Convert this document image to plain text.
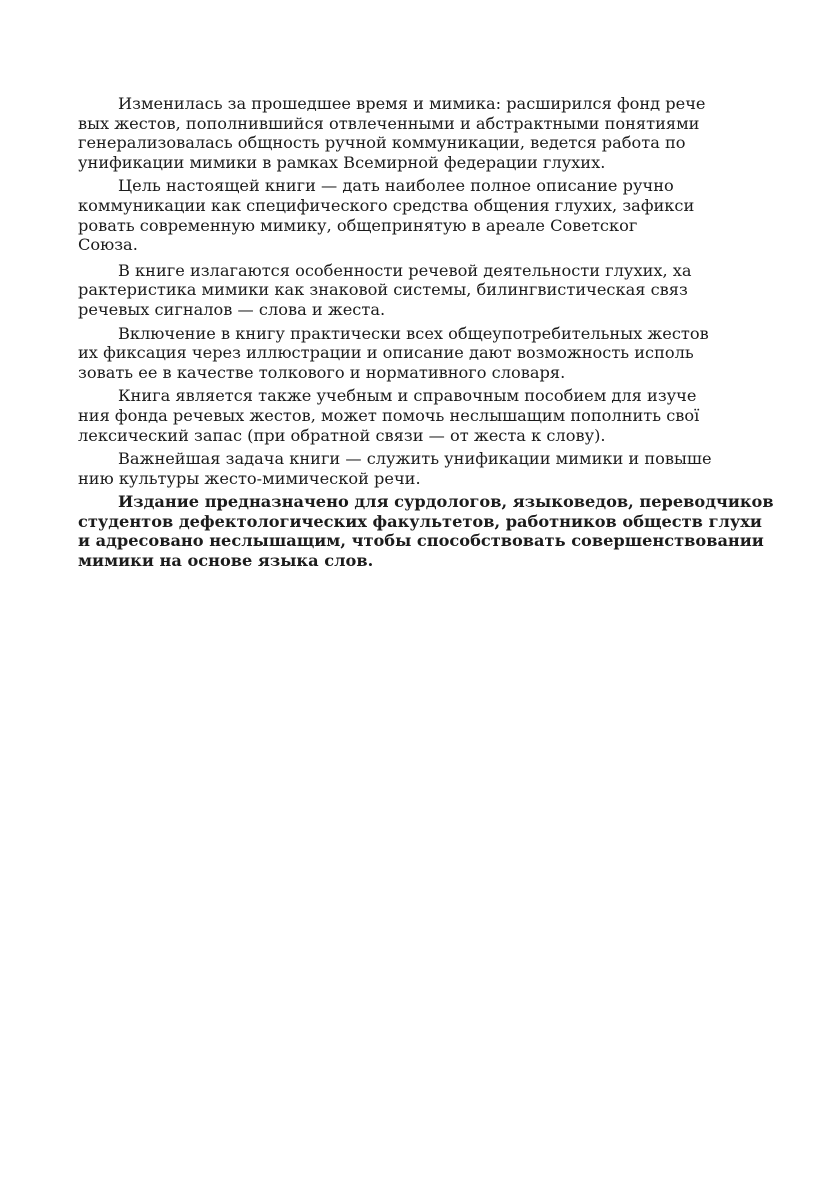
Изменилась за прошедшее время и мимика: расширился фонд рече
вых жестов, пополнившийся отвлеченными и абстрактными понятиями
генерализовалась общность ручной коммуникации, ведется работа по
унификации мимики в рамках Всемирной федерации глухих.
Цель настоящей книги — дать наиболее полное описание ручно
коммуникации как специфического средства общения глухих, зафикси
ровать современную мимику, общепринятую в ареале Советског
Союза.
В книге излагаются особенности речевой деятельности глухих, ха
рактеристика мимики как знаковой системы, билингвистическая связ
речевых сигналов — слова и жеста.
Включение в книгу практически всех общеупотребительных жестов
их фиксация через иллюстрации и описание дают возможность исполь
зовать ее в качестве толкового и нормативного словаря.
Книга является также учебным и справочным пособием для изуче
ния фонда речевых жестов, может помочь неслышащим пополнить свої
лексический запас (при обратной связи — от жеста к слову).
Важнейшая задача книги — служить унификации мимики и повыше
нию культуры жесто-мимической речи.
Издание предназначено для сурдологов, языковедов, переводчиков
студентов дефектологических факультетов, работников обществ глухи
и адресовано неслышащим, чтобы способствовать совершенствовании
мимики на основе языка слов.
